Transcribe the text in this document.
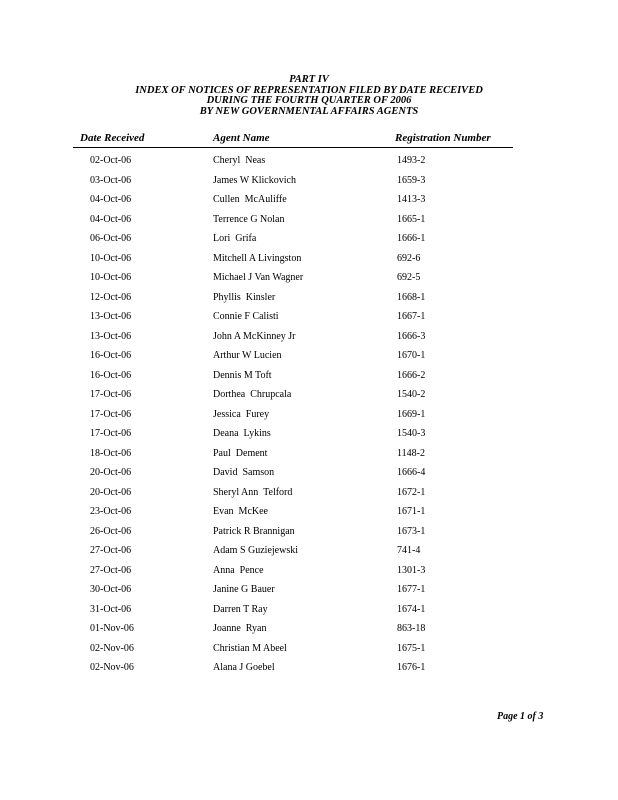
PART IV
INDEX OF NOTICES OF REPRESENTATION FILED BY DATE RECEIVED
DURING THE FOURTH QUARTER OF 2006
BY NEW GOVERNMENTAL AFFAIRS AGENTS
Date Received	Agent Name	Registration Number
02-Oct-06	Cheryl  Neas	1493-2
03-Oct-06	James W Klickovich	1659-3
04-Oct-06	Cullen  McAuliffe	1413-3
04-Oct-06	Terrence G Nolan	1665-1
06-Oct-06	Lori  Grifa	1666-1
10-Oct-06	Mitchell A Livingston	692-6
10-Oct-06	Michael J Van Wagner	692-5
12-Oct-06	Phyllis  Kinsler	1668-1
13-Oct-06	Connie F Calisti	1667-1
13-Oct-06	John A McKinney Jr	1666-3
16-Oct-06	Arthur W Lucien	1670-1
16-Oct-06	Dennis M Toft	1666-2
17-Oct-06	Dorthea  Chrupcala	1540-2
17-Oct-06	Jessica  Furey	1669-1
17-Oct-06	Deana  Lykins	1540-3
18-Oct-06	Paul  Dement	1148-2
20-Oct-06	David  Samson	1666-4
20-Oct-06	Sheryl Ann  Telford	1672-1
23-Oct-06	Evan  McKee	1671-1
26-Oct-06	Patrick R Brannigan	1673-1
27-Oct-06	Adam S Guziejewski	741-4
27-Oct-06	Anna  Pence	1301-3
30-Oct-06	Janine G Bauer	1677-1
31-Oct-06	Darren T Ray	1674-1
01-Nov-06	Joanne  Ryan	863-18
02-Nov-06	Christian M Abeel	1675-1
02-Nov-06	Alana J Goebel	1676-1
Page 1 of 3
